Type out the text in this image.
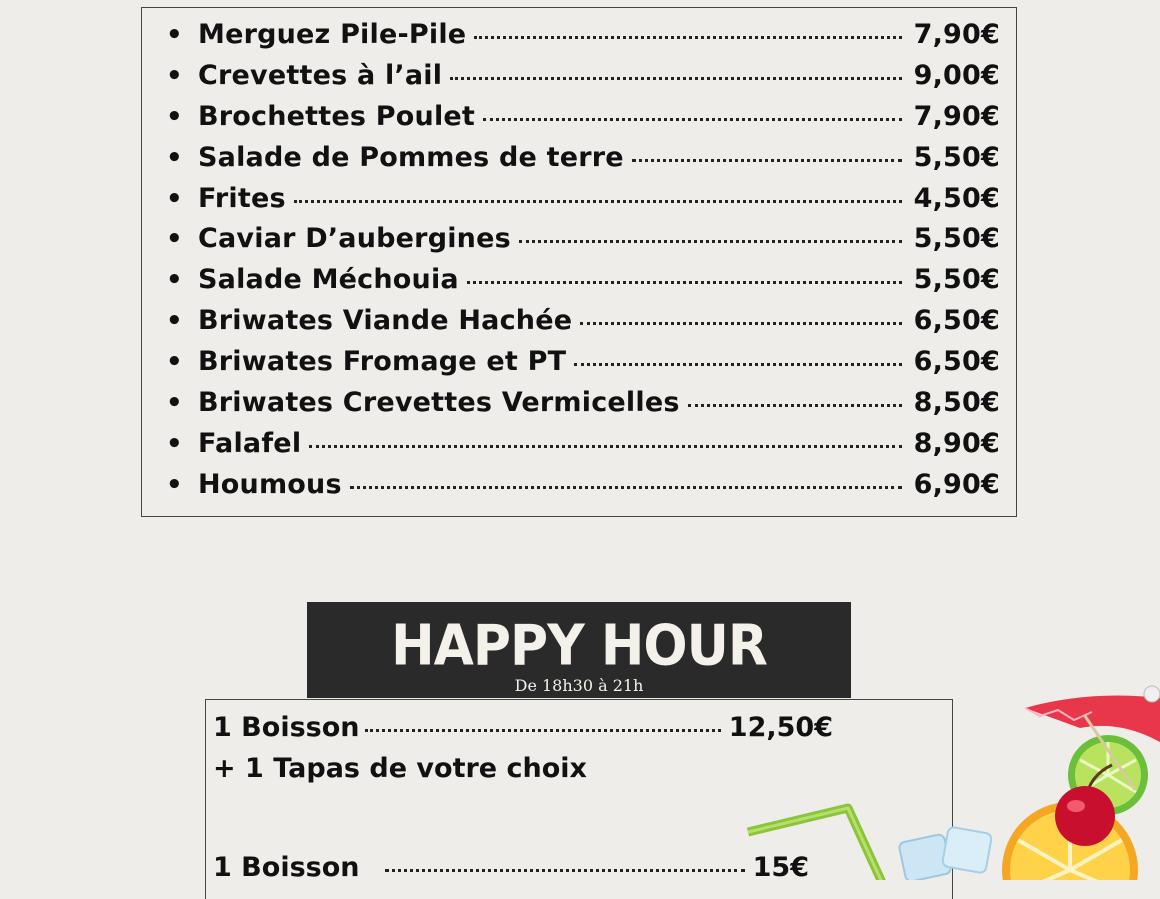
• Merguez Pile-Pile	7,90€
• Crevettes à l’ail	9,00€
• Brochettes Poulet	7,90€
• Salade de Pommes de terre	5,50€
• Frites	4,50€
• Caviar D’aubergines	5,50€
• Salade Méchouia	5,50€
• Briwates Viande Hachée	6,50€
• Briwates Fromage et PT	6,50€
• Briwates Crevettes Vermicelles	8,50€
• Falafel	8,90€
• Houmous	6,90€
HAPPY HOUR
De 18h30 à 21h
1 Boisson	12,50€
+ 1 Tapas de votre choix
1 Boisson	15€
